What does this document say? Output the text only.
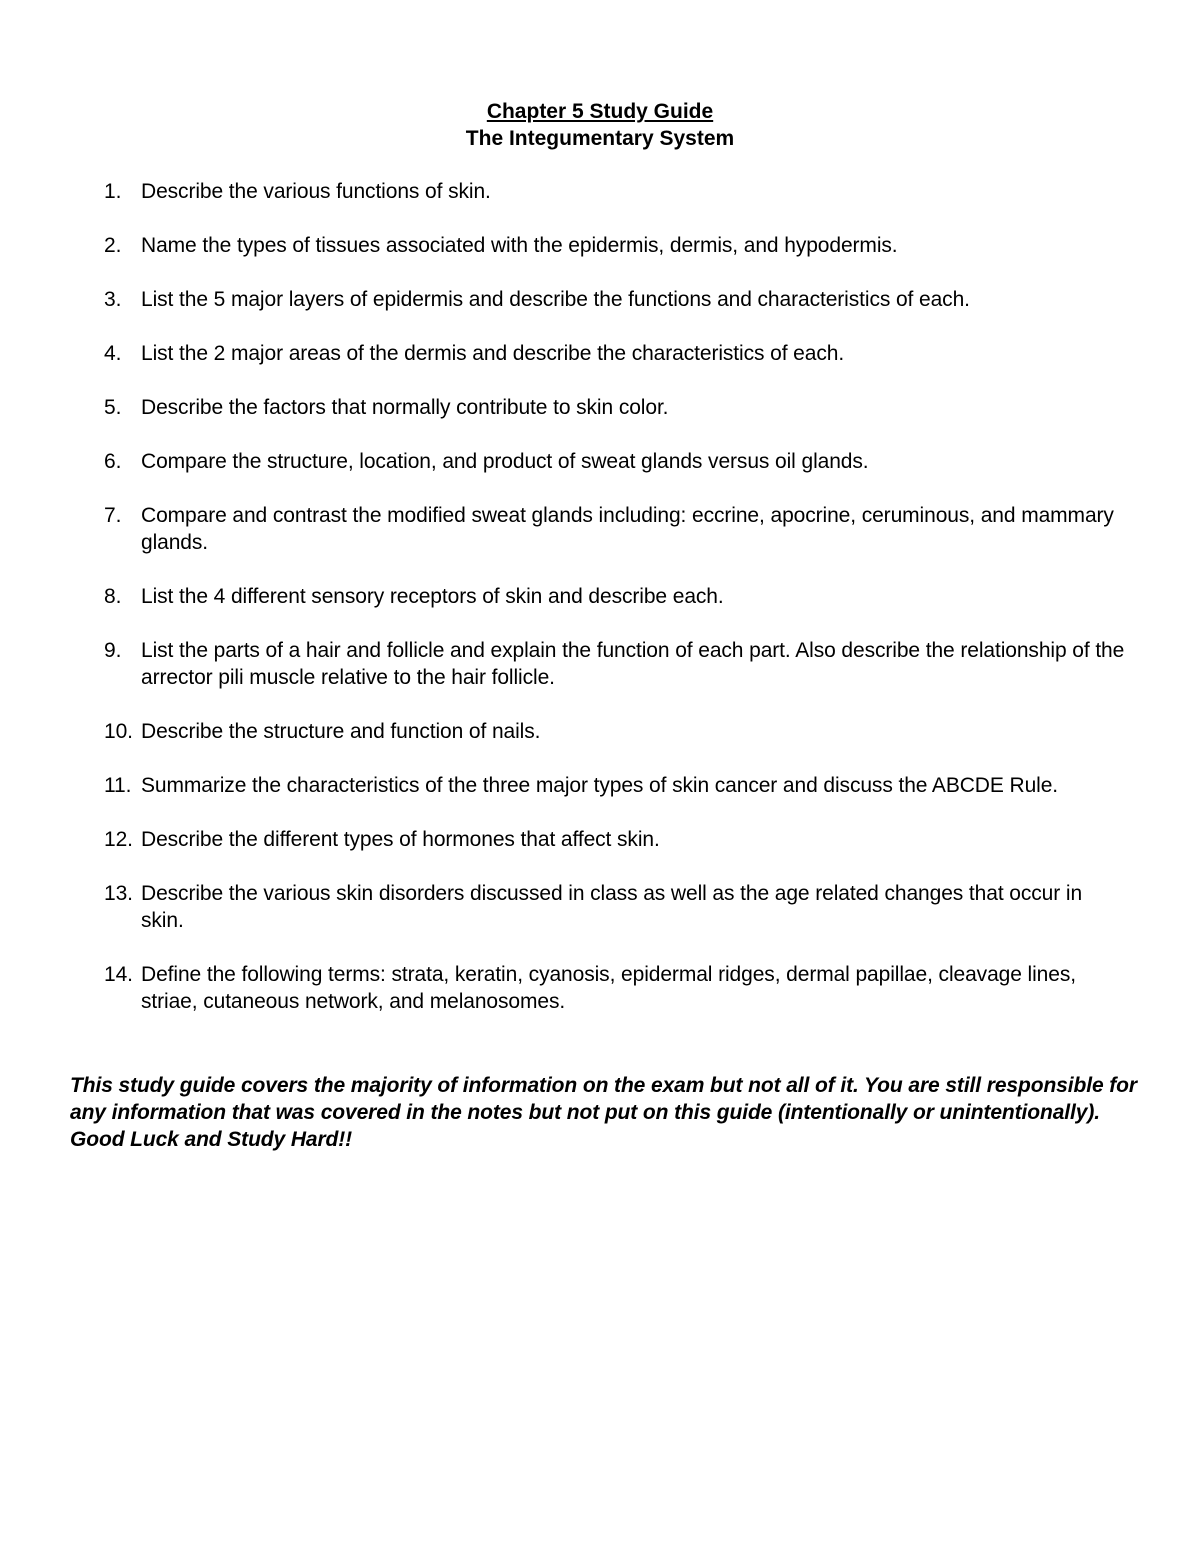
Chapter 5 Study Guide
The Integumentary System
1. Describe the various functions of skin.
2. Name the types of tissues associated with the epidermis, dermis, and hypodermis.
3. List the 5 major layers of epidermis and describe the functions and characteristics of each.
4. List the 2 major areas of the dermis and describe the characteristics of each.
5. Describe the factors that normally contribute to skin color.
6. Compare the structure, location, and product of sweat glands versus oil glands.
7. Compare and contrast the modified sweat glands including: eccrine, apocrine, ceruminous, and mammary glands.
8. List the 4 different sensory receptors of skin and describe each.
9. List the parts of a hair and follicle and explain the function of each part. Also describe the relationship of the arrector pili muscle relative to the hair follicle.
10. Describe the structure and function of nails.
11. Summarize the characteristics of the three major types of skin cancer and discuss the ABCDE Rule.
12. Describe the different types of hormones that affect skin.
13. Describe the various skin disorders discussed in class as well as the age related changes that occur in skin.
14. Define the following terms: strata, keratin, cyanosis, epidermal ridges, dermal papillae, cleavage lines, striae, cutaneous network, and melanosomes.
This study guide covers the majority of information on the exam but not all of it. You are still responsible for any information that was covered in the notes but not put on this guide (intentionally or unintentionally). Good Luck and Study Hard!!
